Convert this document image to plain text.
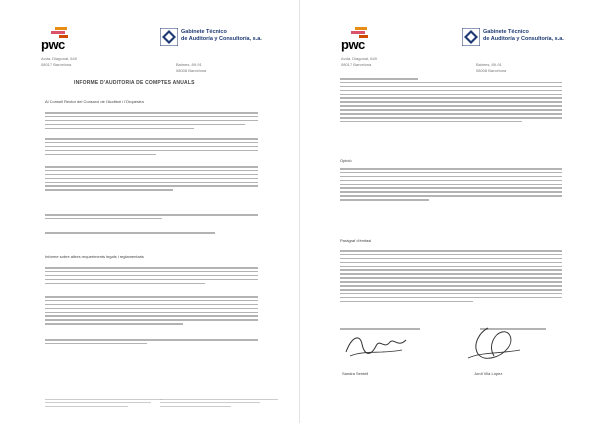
pwc
Gabinete Técnico
de Auditoría y Consultoría, s.a.
Avda. Diagonal, 640
08017 Barcelona	Balmes, 89-91
08008 Barcelona
INFORME D'AUDITORIA DE COMPTES ANUALS
Al Consell Rector del Consorci de l'Auditori i l'Orquestra
Informe sobre altres requeriments legals i reglamentaris
pwc
Gabinete Técnico
de Auditoría y Consultoría, s.a.
Avda. Diagonal, 640
08017 Barcelona	Balmes, 89-91
08008 Barcelona
Opinió
Paràgraf d'èmfasi

Sandra Sentell	Jordi Vila López
